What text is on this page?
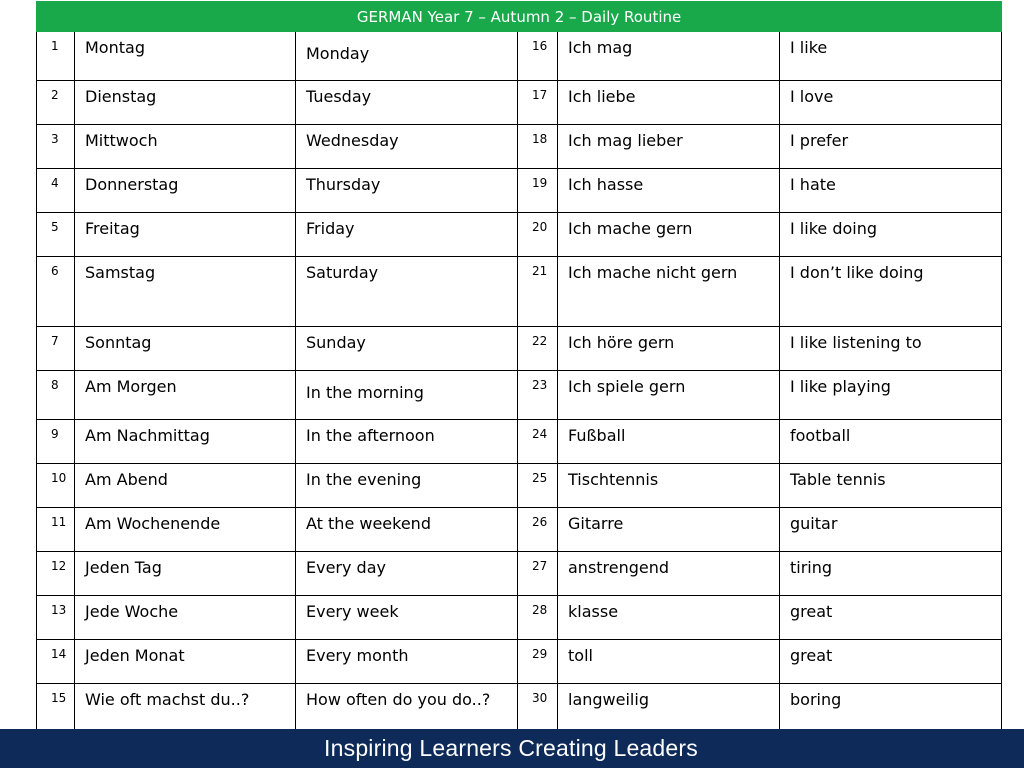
GERMAN Year 7 – Autumn 2 – Daily Routine					
1	Montag	Monday	16	Ich mag	I like
2	Dienstag	Tuesday	17	Ich liebe	I love
3	Mittwoch	Wednesday	18	Ich mag lieber	I prefer
4	Donnerstag	Thursday	19	Ich hasse	I hate
5	Freitag	Friday	20	Ich mache gern	I like doing
6	Samstag	Saturday	21	Ich mache nicht gern	I don’t like doing
7	Sonntag	Sunday	22	Ich höre gern	I like listening to
8	Am Morgen	In the morning	23	Ich spiele gern	I like playing
9	Am Nachmittag	In the afternoon	24	Fußball	football
10	Am Abend	In the evening	25	Tischtennis	Table tennis
11	Am Wochenende	At the weekend	26	Gitarre	guitar
12	Jeden Tag	Every day	27	anstrengend	tiring
13	Jede Woche	Every week	28	klasse	great
14	Jeden Monat	Every month	29	toll	great
15	Wie oft machst du..?	How often do you do..?	30	langweilig	boring
Inspiring Learners Creating Leaders
